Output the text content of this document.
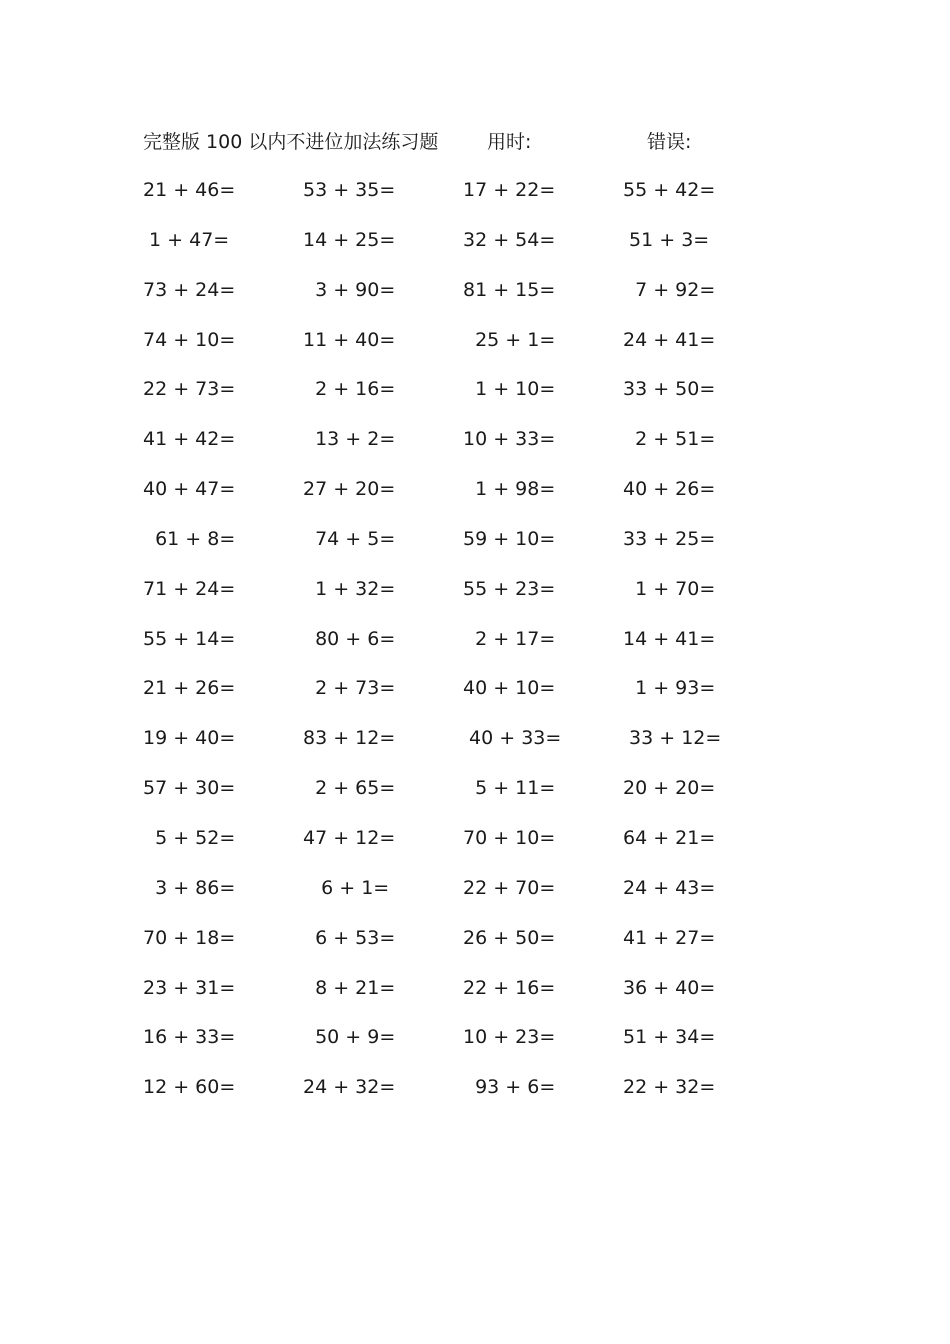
完整版 100 以内不进位加法练习题	用时:	错误:
21 + 46=	53 + 35=	17 + 22=	55 + 42=
1 + 47=	14 + 25=	32 + 54=	51 + 3=
73 + 24=	3 + 90=	81 + 15=	7 + 92=
74 + 10=	11 + 40=	25 + 1=	24 + 41=
22 + 73=	2 + 16=	1 + 10=	33 + 50=
41 + 42=	13 + 2=	10 + 33=	2 + 51=
40 + 47=	27 + 20=	1 + 98=	40 + 26=
61 + 8=	74 + 5=	59 + 10=	33 + 25=
71 + 24=	1 + 32=	55 + 23=	1 + 70=
55 + 14=	80 + 6=	2 + 17=	14 + 41=
21 + 26=	2 + 73=	40 + 10=	1 + 93=
19 + 40=	83 + 12=	40 + 33=	33 + 12=
57 + 30=	2 + 65=	5 + 11=	20 + 20=
5 + 52=	47 + 12=	70 + 10=	64 + 21=
3 + 86=	6 + 1=	22 + 70=	24 + 43=
70 + 18=	6 + 53=	26 + 50=	41 + 27=
23 + 31=	8 + 21=	22 + 16=	36 + 40=
16 + 33=	50 + 9=	10 + 23=	51 + 34=
12 + 60=	24 + 32=	93 + 6=	22 + 32=
